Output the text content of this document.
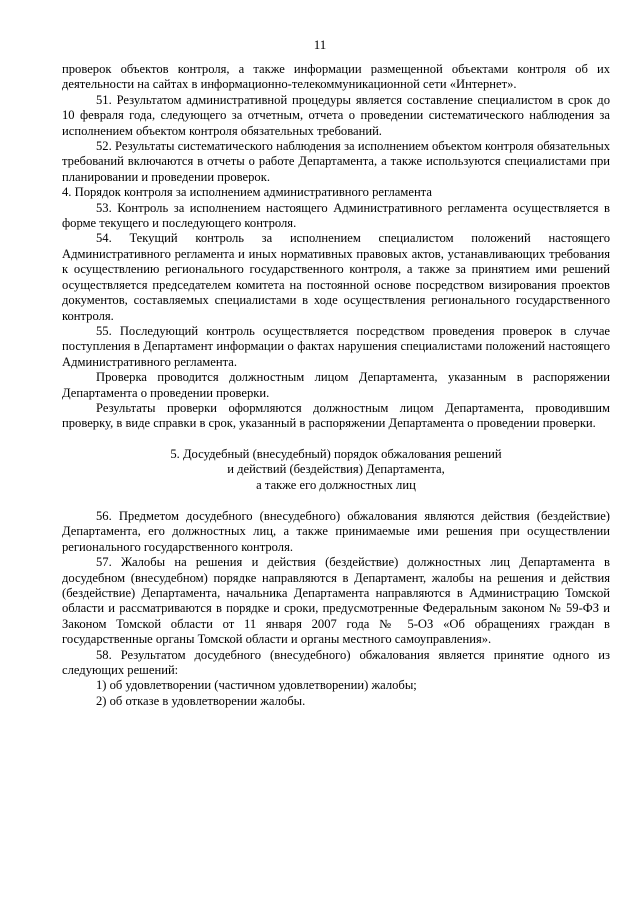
11

проверок объектов контроля, а также информации размещенной объектами контроля об их деятельности на сайтах в информационно-телекоммуникационной сети «Интернет».

51. Результатом административной процедуры является составление специалистом в срок до 10 февраля года, следующего за отчетным, отчета о проведении систематического наблюдения за исполнением объектом контроля обязательных требований.

52. Результаты систематического наблюдения за исполнением объектом контроля обязательных требований включаются в отчеты о работе Департамента, а также используются специалистами при планировании и проведении проверок.

4. Порядок контроля за исполнением административного регламента

53. Контроль за исполнением настоящего Административного регламента осуществляется в форме текущего и последующего контроля.

54. Текущий контроль за исполнением специалистом положений настоящего Административного регламента и иных нормативных правовых актов, устанавливающих требования к осуществлению регионального государственного контроля, а также за принятием ими решений осуществляется председателем комитета на постоянной основе посредством визирования проектов документов, составляемых специалистами в ходе осуществления регионального государственного контроля.

55. Последующий контроль осуществляется посредством проведения проверок в случае поступления в Департамент информации о фактах нарушения специалистами положений настоящего Административного регламента.

Проверка проводится должностным лицом Департамента, указанным в распоряжении Департамента о проведении проверки.

Результаты проверки оформляются должностным лицом Департамента, проводившим проверку, в виде справки в срок, указанный в распоряжении Департамента о проведении проверки.

5. Досудебный (внесудебный) порядок обжалования решений
и действий (бездействия) Департамента,
а также его должностных лиц

56. Предметом досудебного (внесудебного) обжалования являются действия (бездействие) Департамента, его должностных лиц, а также принимаемые ими решения при осуществлении регионального государственного контроля.

57. Жалобы на решения и действия (бездействие) должностных лиц Департамента в досудебном (внесудебном) порядке направляются в Департамент, жалобы на решения и действия (бездействие) Департамента, начальника Департамента направляются в Администрацию Томской области и рассматриваются в порядке и сроки, предусмотренные Федеральным законом № 59-ФЗ и Законом Томской области от 11 января 2007 года № 5-ОЗ «Об обращениях граждан в государственные органы Томской области и органы местного самоуправления».

58. Результатом досудебного (внесудебного) обжалования является принятие одного из следующих решений:

1) об удовлетворении (частичном удовлетворении) жалобы;

2) об отказе в удовлетворении жалобы.
